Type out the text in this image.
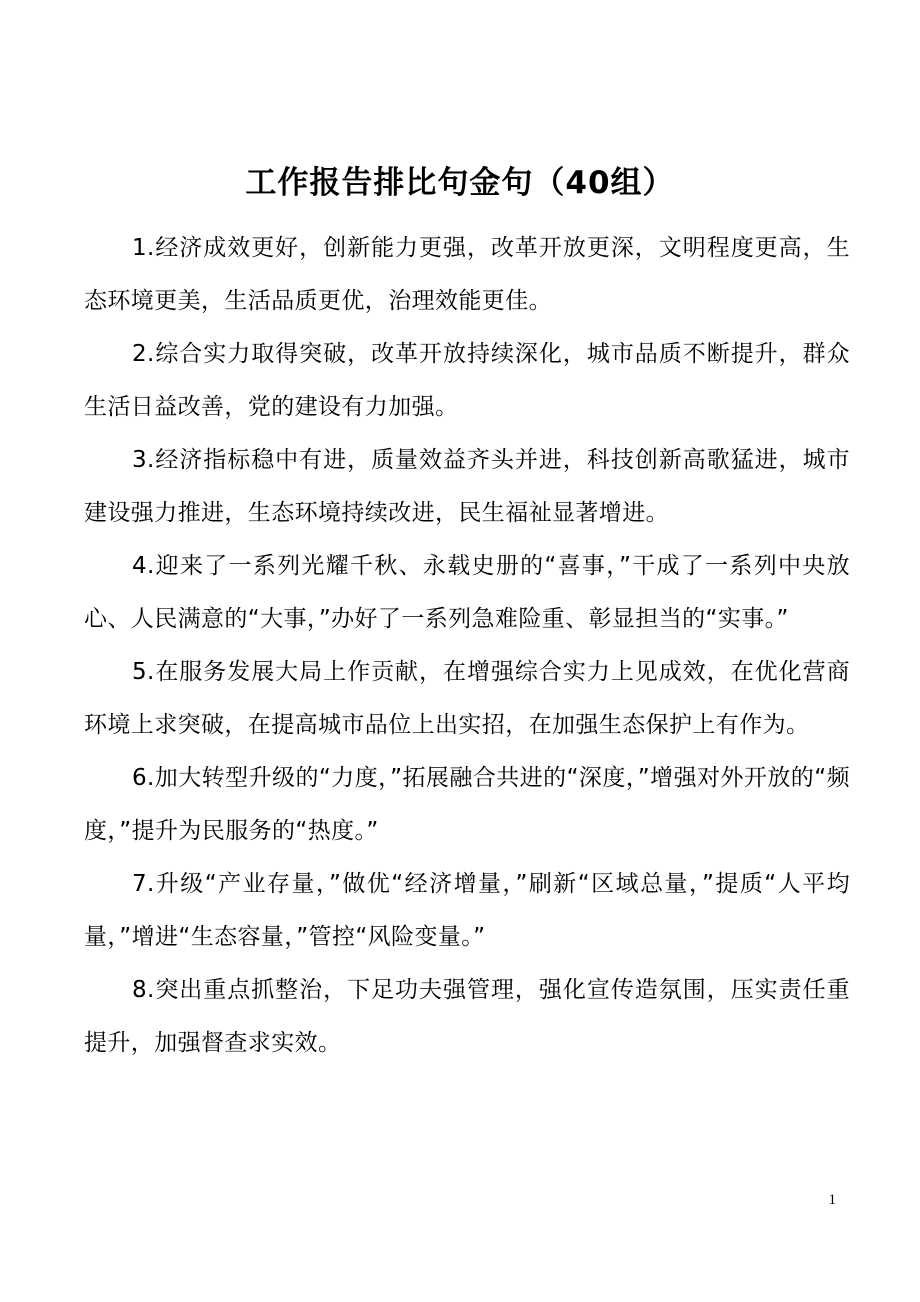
工作报告排比句金句（40组）

1.经济成效更好，创新能力更强，改革开放更深，文明程度更高，生态环境更美，生活品质更优，治理效能更佳。

2.综合实力取得突破，改革开放持续深化，城市品质不断提升，群众生活日益改善，党的建设有力加强。

3.经济指标稳中有进，质量效益齐头并进，科技创新高歌猛进，城市建设强力推进，生态环境持续改进，民生福祉显著增进。

4.迎来了一系列光耀千秋、永载史册的“喜事，”干成了一系列中央放心、人民满意的“大事，”办好了一系列急难险重、彰显担当的“实事。”

5.在服务发展大局上作贡献，在增强综合实力上见成效，在优化营商环境上求突破，在提高城市品位上出实招，在加强生态保护上有作为。

6.加大转型升级的“力度，”拓展融合共进的“深度，”增强对外开放的“频度，”提升为民服务的“热度。”

7.升级“产业存量，”做优“经济增量，”刷新“区域总量，”提质“人平均量，”增进“生态容量，”管控“风险变量。”

8.突出重点抓整治，下足功夫强管理，强化宣传造氛围，压实责任重提升，加强督查求实效。

1
